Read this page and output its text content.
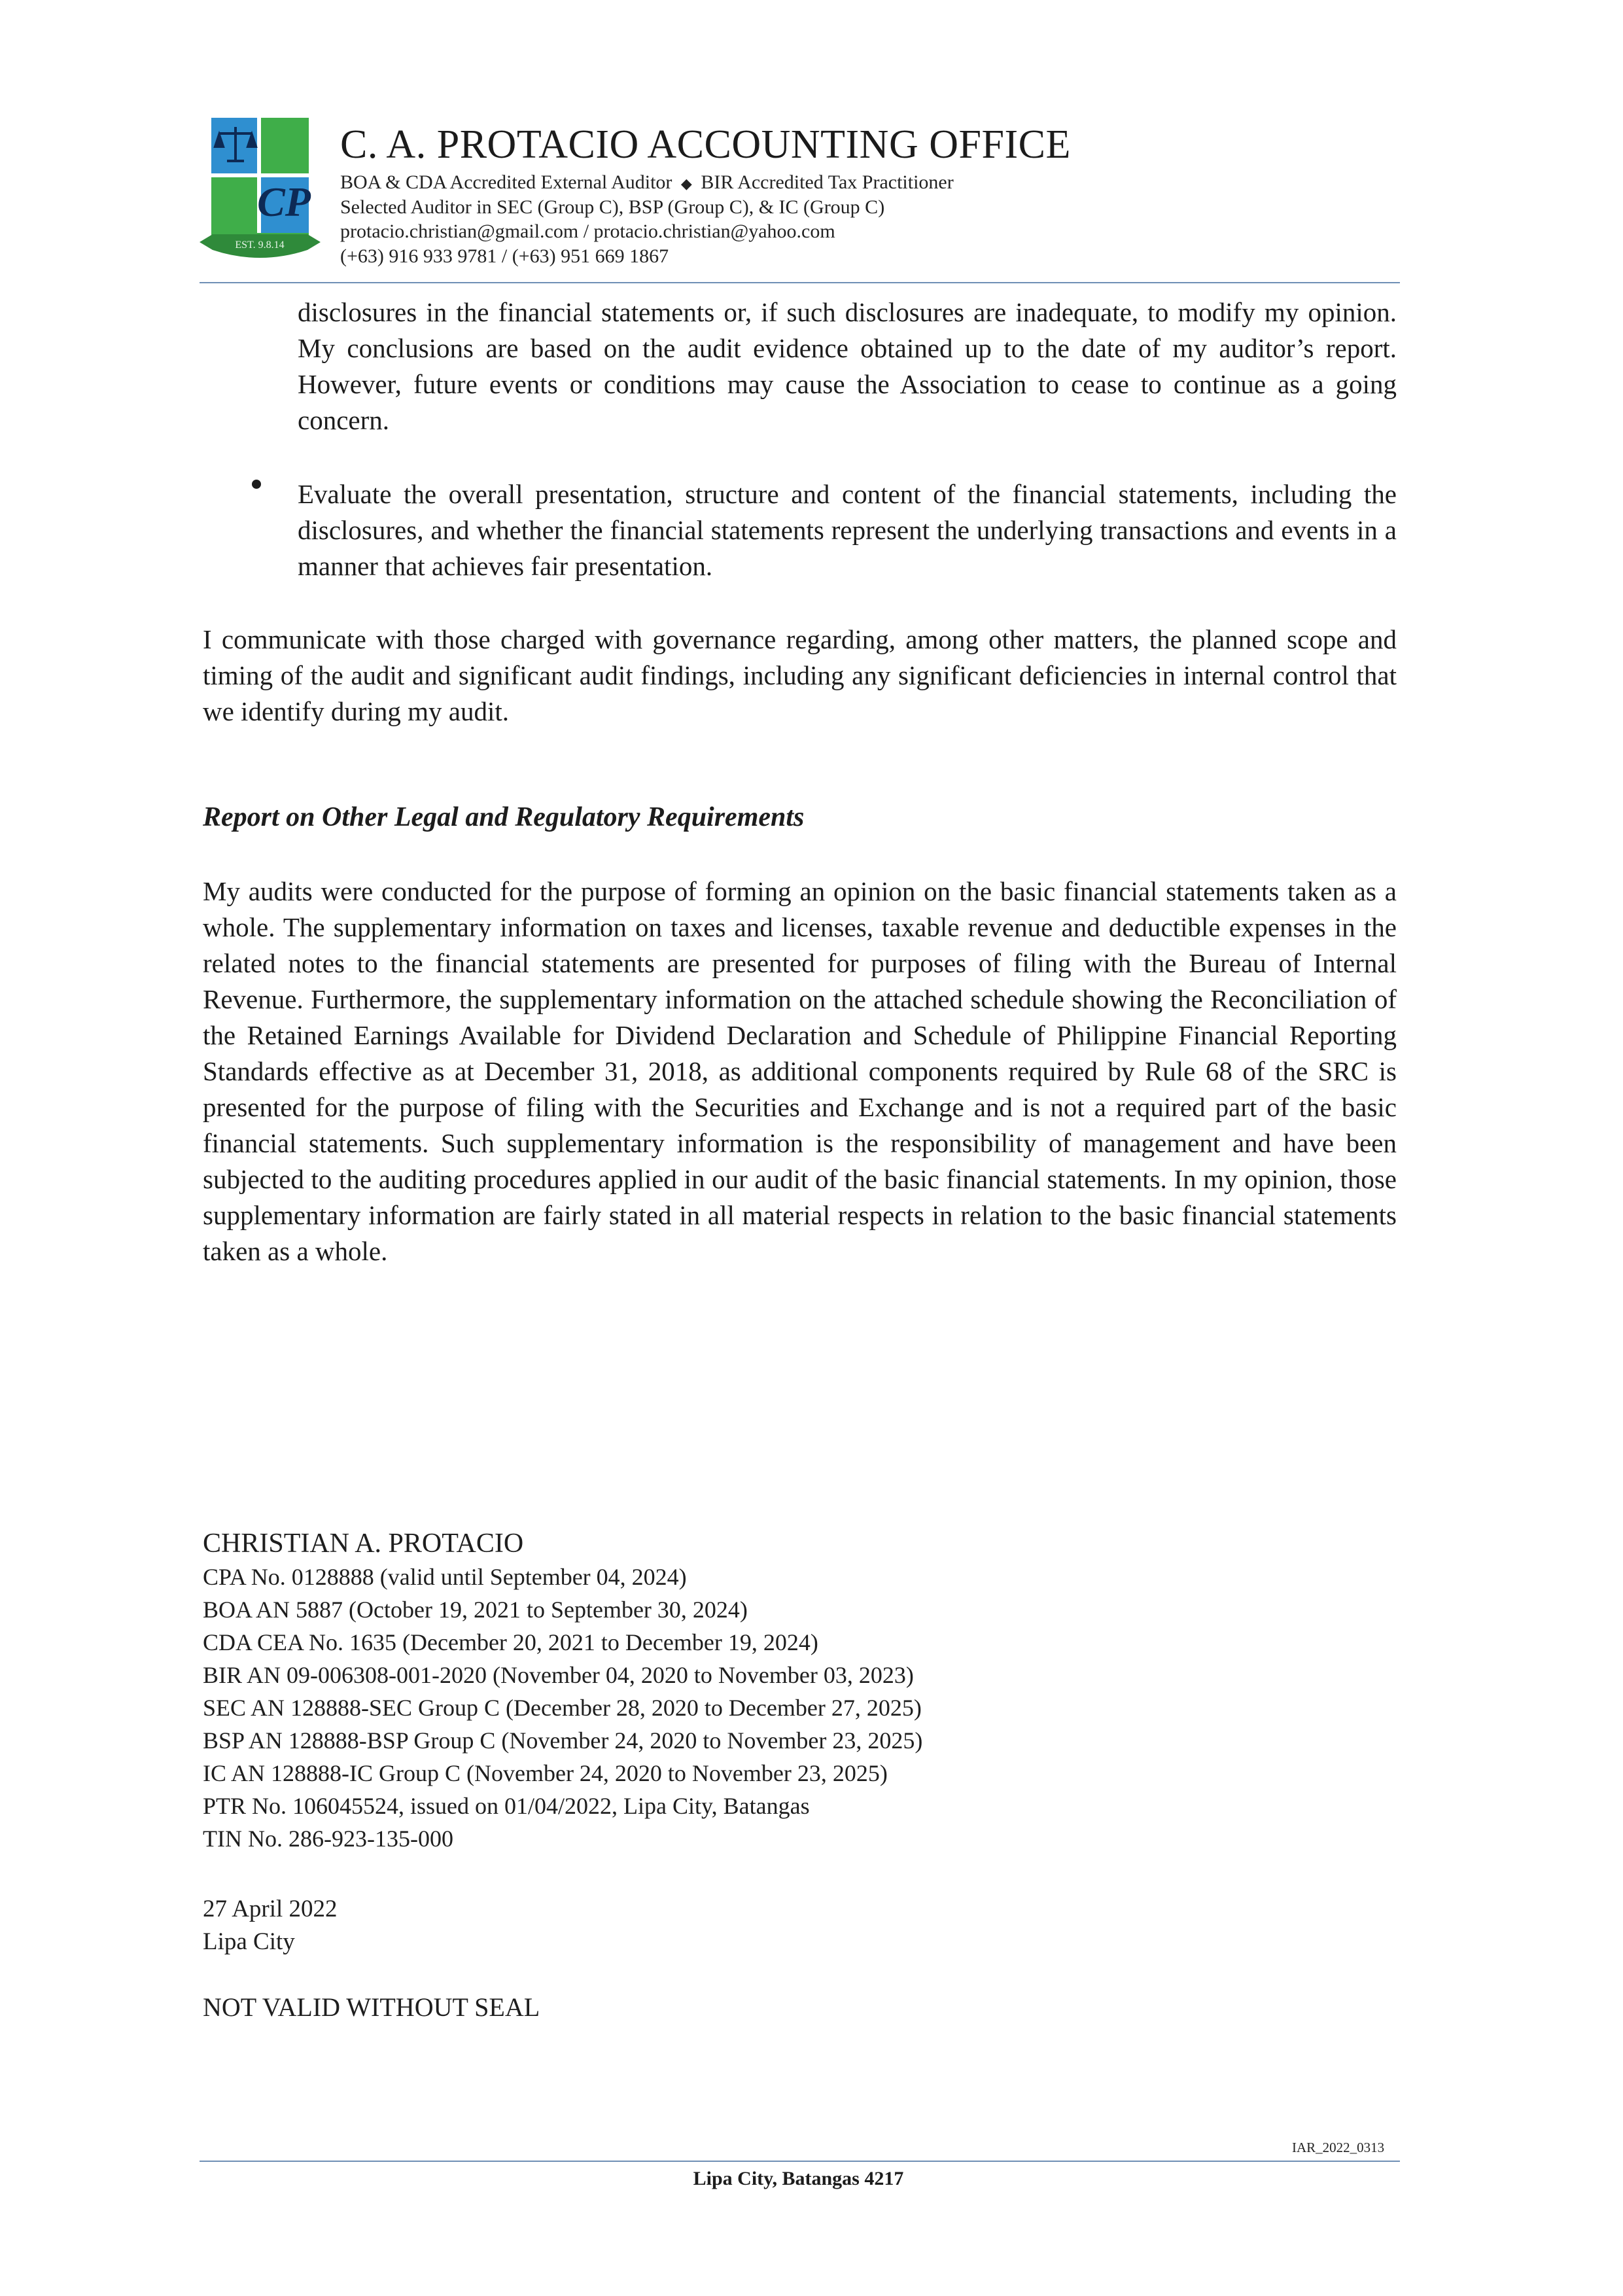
CP
EST. 9.8.14
C. A. PROTACIO ACCOUNTING OFFICE
BOA & CDA Accredited External Auditor ◆ BIR Accredited Tax Practitioner
Selected Auditor in SEC (Group C), BSP (Group C), & IC (Group C)
protacio.christian@gmail.com / protacio.christian@yahoo.com
(+63) 916 933 9781 / (+63) 951 669 1867
disclosures in the financial statements or, if such disclosures are inadequate, to modify my opinion. My conclusions are based on the audit evidence obtained up to the date of my auditor’s report. However, future events or conditions may cause the Association to cease to continue as a going concern.
Evaluate the overall presentation, structure and content of the financial statements, including the disclosures, and whether the financial statements represent the underlying transactions and events in a manner that achieves fair presentation.
I communicate with those charged with governance regarding, among other matters, the planned scope and timing of the audit and significant audit findings, including any significant deficiencies in internal control that we identify during my audit.
Report on Other Legal and Regulatory Requirements
My audits were conducted for the purpose of forming an opinion on the basic financial statements taken as a whole. The supplementary information on taxes and licenses, taxable revenue and deductible expenses in the related notes to the financial statements are presented for purposes of filing with the Bureau of Internal Revenue. Furthermore, the supplementary information on the attached schedule showing the Reconciliation of the Retained Earnings Available for Dividend Declaration and Schedule of Philippine Financial Reporting Standards effective as at December 31, 2018, as additional components required by Rule 68 of the SRC is presented for the purpose of filing with the Securities and Exchange and is not a required part of the basic financial statements. Such supplementary information is the responsibility of management and have been subjected to the auditing procedures applied in our audit of the basic financial statements. In my opinion, those supplementary information are fairly stated in all material respects in relation to the basic financial statements taken as a whole.
CHRISTIAN A. PROTACIO
CPA No. 0128888 (valid until September 04, 2024)
BOA AN 5887 (October 19, 2021 to September 30, 2024)
CDA CEA No. 1635 (December 20, 2021 to December 19, 2024)
BIR AN 09-006308-001-2020 (November 04, 2020 to November 03, 2023)
SEC AN 128888-SEC Group C (December 28, 2020 to December 27, 2025)
BSP AN 128888-BSP Group C (November 24, 2020 to November 23, 2025)
IC AN 128888-IC Group C (November 24, 2020 to November 23, 2025)
PTR No. 106045524, issued on 01/04/2022, Lipa City, Batangas
TIN No. 286-923-135-000
27 April 2022
Lipa City
NOT VALID WITHOUT SEAL
IAR_2022_0313
Lipa City, Batangas 4217
